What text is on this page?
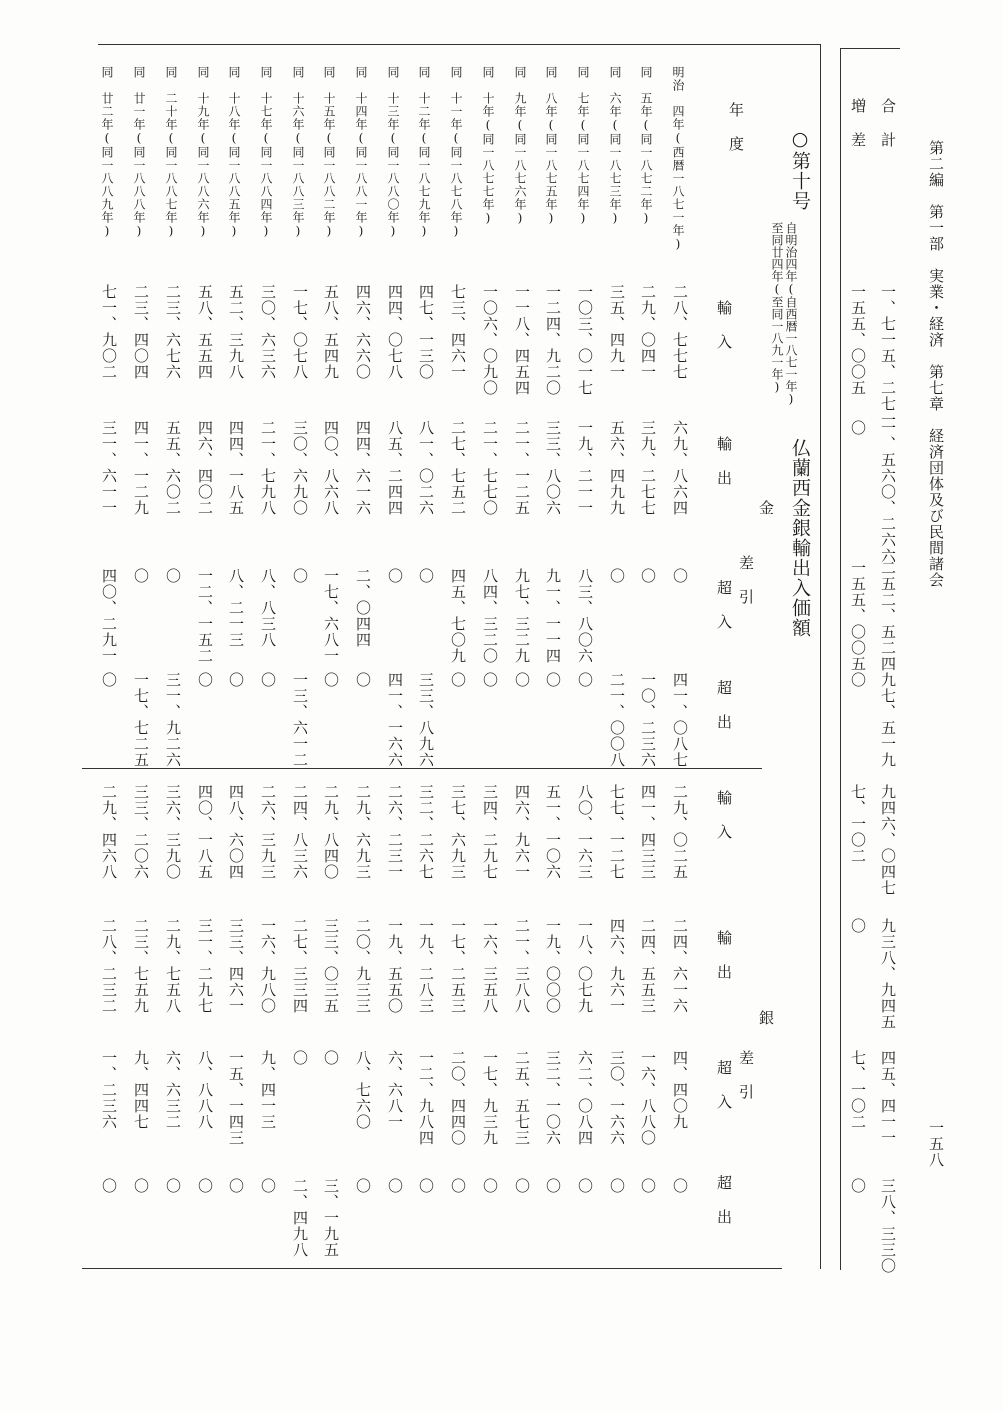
第二編　第一部　実業・経済　第七章　経済団体及び民間諸会
一五八
合　計
増　差
一、七一五、二七一
一、五六〇、二六六
二五二、五二四
九七、五一九
九四六、〇四七
九三八、九四五
四五、四一一
三八、三三〇
一五五、〇〇五
〇
一五五、〇〇五
〇
七、一〇二
〇
七、一〇二
〇
○第十号
自明治四年(自西暦一八七一年)
至同廿四年(至同一八九一年)
仏蘭西金銀輸出入価額
年　度
金
輸　入
輸　出
差　引
超　入
超　出
銀
輸　入
輸　出
差　引
超　入
超　出
明治　四年(西暦一八七一年)
二八、七七七
六九、八六四
〇
四一、〇八七
二九、〇二五
二四、六一六
四、四〇九
〇
同　五年(同一八七二年)
二九、〇四一
三九、二七七
〇
一〇、二三六
四一、四三三
二四、五五三
一六、八八〇
〇
同　六年(同一八七三年)
三五、四九一
五六、四九九
〇
二一、〇〇八
七七、一二七
四六、九六一
三〇、一六六
〇
同　七年(同一八七四年)
一〇三、〇一七
一九、二一一
八三、八〇六
〇
八〇、一六三
一八、〇七九
六二、〇八四
〇
同　八年(同一八七五年)
一二四、九二〇
三三、八〇六
九一、一一四
〇
五一、一〇六
一九、〇〇〇
三二、一〇六
〇
同　九年(同一八七六年)
一一八、四五四
二一、一二五
九七、三二九
〇
四六、九六一
二一、三八八
二五、五七三
〇
同　十年(同一八七七年)
一〇六、〇九〇
二一、七七〇
八四、三二〇
〇
三四、二九七
一六、三五八
一七、九三九
〇
同　十一年(同一八七八年)
七三、四六一
二七、七五二
四五、七〇九
〇
三七、六九三
一七、二五三
二〇、四四〇
〇
同　十二年(同一八七九年)
四七、一三〇
八一、〇二六
〇
三三、八九六
三二、二六七
一九、二八三
一二、九八四
〇
同　十三年(同一八八〇年)
四四、〇七八
八五、二四四
〇
四一、一六六
二六、二三一
一九、五五〇
六、六八一
〇
同　十四年(同一八八一年)
四六、六六〇
四四、六一六
二、〇四四
〇
二九、六九三
二〇、九三三
八、七六〇
〇
同　十五年(同一八八二年)
五八、五四九
四〇、八六八
一七、六八一
〇
二九、八四〇
三三、〇三五
〇
三、一九五
同　十六年(同一八八三年)
一七、〇七八
三〇、六九〇
〇
一三、六一二
二四、八三六
二七、三三四
〇
二、四九八
同　十七年(同一八八四年)
三〇、六三六
二一、七九八
八、八三八
〇
二六、三九三
一六、九八〇
九、四一三
〇
同　十八年(同一八八五年)
五二、三九八
四四、一八五
八、二一三
〇
四八、六〇四
三三、四六一
一五、一四三
〇
同　十九年(同一八八六年)
五八、五五四
四六、四〇二
一二、一五二
〇
四〇、一八五
三一、二九七
八、八八八
〇
同　二十年(同一八八七年)
二三、六七六
五五、六〇二
〇
三一、九二六
三六、三九〇
二九、七五八
六、六三二
〇
同　廿一年(同一八八八年)
二三、四〇四
四一、一二九
〇
一七、七二五
三三、二〇六
二三、七五九
九、四四七
〇
同　廿二年(同一八八九年)
七一、九〇二
三一、六一一
四〇、二九一
〇
二九、四六八
二八、二三二
一、二三六
〇
